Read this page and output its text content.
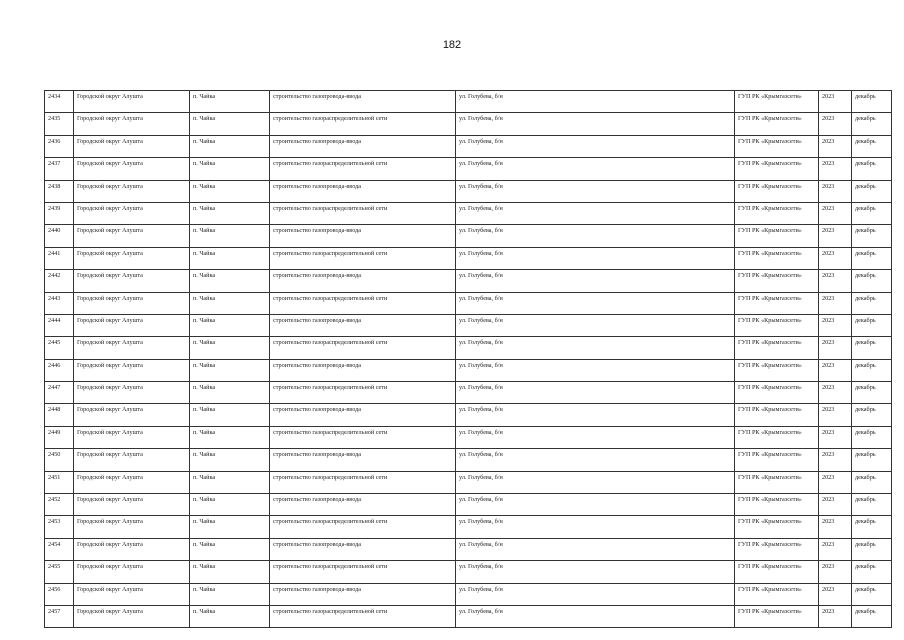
182
2434	Городской округ Алушта	п. Чайка	строительство газопровода-ввода	ул. Голубева, б/н	ГУП РК «Крымгазсети»	2023	декабрь
2435	Городской округ Алушта	п. Чайка	строительство газораспределительной сети	ул. Голубева, б/н	ГУП РК «Крымгазсети»	2023	декабрь
2436	Городской округ Алушта	п. Чайка	строительство газопровода-ввода	ул. Голубева, б/н	ГУП РК «Крымгазсети»	2023	декабрь
2437	Городской округ Алушта	п. Чайка	строительство газораспределительной сети	ул. Голубева, б/н	ГУП РК «Крымгазсети»	2023	декабрь
2438	Городской округ Алушта	п. Чайка	строительство газопровода-ввода	ул. Голубева, б/н	ГУП РК «Крымгазсети»	2023	декабрь
2439	Городской округ Алушта	п. Чайка	строительство газораспределительной сети	ул. Голубева, б/н	ГУП РК «Крымгазсети»	2023	декабрь
2440	Городской округ Алушта	п. Чайка	строительство газопровода-ввода	ул. Голубева, б/н	ГУП РК «Крымгазсети»	2023	декабрь
2441	Городской округ Алушта	п. Чайка	строительство газораспределительной сети	ул. Голубева, б/н	ГУП РК «Крымгазсети»	2023	декабрь
2442	Городской округ Алушта	п. Чайка	строительство газопровода-ввода	ул. Голубева, б/н	ГУП РК «Крымгазсети»	2023	декабрь
2443	Городской округ Алушта	п. Чайка	строительство газораспределительной сети	ул. Голубева, б/н	ГУП РК «Крымгазсети»	2023	декабрь
2444	Городской округ Алушта	п. Чайка	строительство газопровода-ввода	ул. Голубева, б/н	ГУП РК «Крымгазсети»	2023	декабрь
2445	Городской округ Алушта	п. Чайка	строительство газораспределительной сети	ул. Голубева, б/н	ГУП РК «Крымгазсети»	2023	декабрь
2446	Городской округ Алушта	п. Чайка	строительство газопровода-ввода	ул. Голубева, б/н	ГУП РК «Крымгазсети»	2023	декабрь
2447	Городской округ Алушта	п. Чайка	строительство газораспределительной сети	ул. Голубева, б/н	ГУП РК «Крымгазсети»	2023	декабрь
2448	Городской округ Алушта	п. Чайка	строительство газопровода-ввода	ул. Голубева, б/н	ГУП РК «Крымгазсети»	2023	декабрь
2449	Городской округ Алушта	п. Чайка	строительство газораспределительной сети	ул. Голубева, б/н	ГУП РК «Крымгазсети»	2023	декабрь
2450	Городской округ Алушта	п. Чайка	строительство газопровода-ввода	ул. Голубева, б/н	ГУП РК «Крымгазсети»	2023	декабрь
2451	Городской округ Алушта	п. Чайка	строительство газораспределительной сети	ул. Голубева, б/н	ГУП РК «Крымгазсети»	2023	декабрь
2452	Городской округ Алушта	п. Чайка	строительство газопровода-ввода	ул. Голубева, б/н	ГУП РК «Крымгазсети»	2023	декабрь
2453	Городской округ Алушта	п. Чайка	строительство газораспределительной сети	ул. Голубева, б/н	ГУП РК «Крымгазсети»	2023	декабрь
2454	Городской округ Алушта	п. Чайка	строительство газопровода-ввода	ул. Голубева, б/н	ГУП РК «Крымгазсети»	2023	декабрь
2455	Городской округ Алушта	п. Чайка	строительство газораспределительной сети	ул. Голубева, б/н	ГУП РК «Крымгазсети»	2023	декабрь
2456	Городской округ Алушта	п. Чайка	строительство газопровода-ввода	ул. Голубева, б/н	ГУП РК «Крымгазсети»	2023	декабрь
2457	Городской округ Алушта	п. Чайка	строительство газораспределительной сети	ул. Голубева, б/н	ГУП РК «Крымгазсети»	2023	декабрь
